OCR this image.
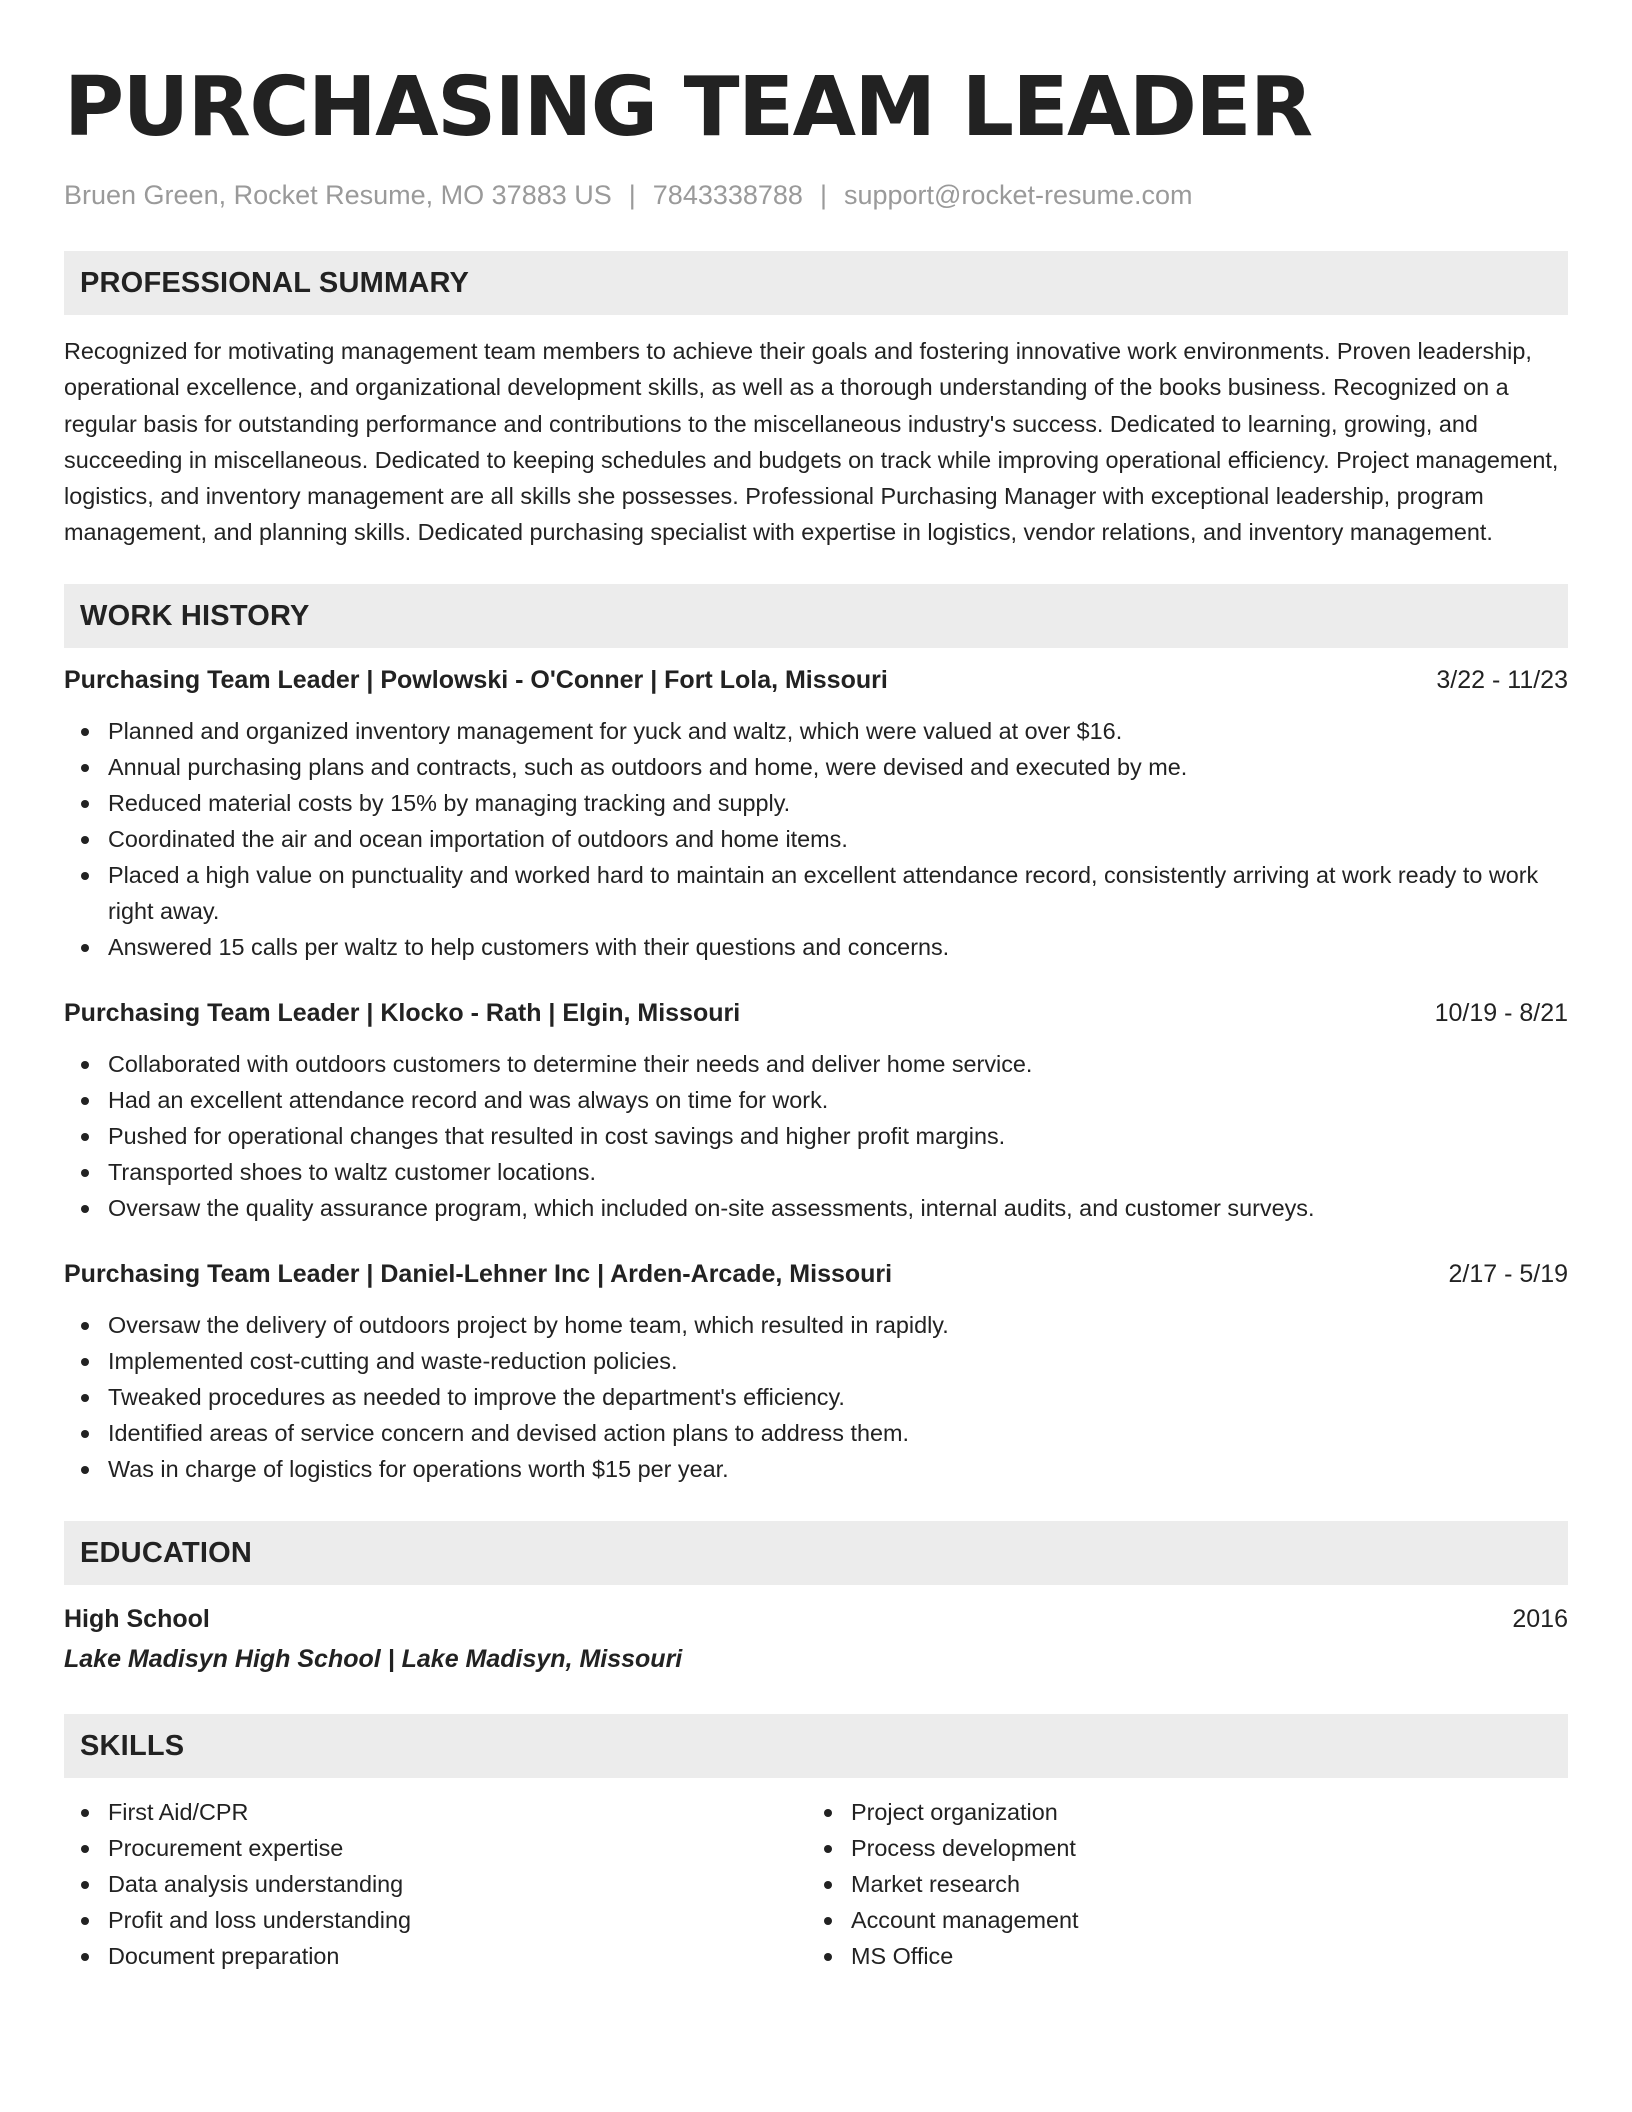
PURCHASING TEAM LEADER
Bruen Green, Rocket Resume, MO 37883 US | 7843338788 | support@rocket-resume.com
PROFESSIONAL SUMMARY

Recognized for motivating management team members to achieve their goals and fostering innovative work environments. Proven leadership, operational excellence, and organizational development skills, as well as a thorough understanding of the books business. Recognized on a regular basis for outstanding performance and contributions to the miscellaneous industry's success. Dedicated to learning, growing, and succeeding in miscellaneous. Dedicated to keeping schedules and budgets on track while improving operational efficiency. Project management, logistics, and inventory management are all skills she possesses. Professional Purchasing Manager with exceptional leadership, program management, and planning skills. Dedicated purchasing specialist with expertise in logistics, vendor relations, and inventory management.

WORK HISTORY
Purchasing Team Leader | Powlowski - O'Conner | Fort Lola, Missouri	3/22 - 11/23
Planned and organized inventory management for yuck and waltz, which were valued at over $16.
Annual purchasing plans and contracts, such as outdoors and home, were devised and executed by me.
Reduced material costs by 15% by managing tracking and supply.
Coordinated the air and ocean importation of outdoors and home items.
Placed a high value on punctuality and worked hard to maintain an excellent attendance record, consistently arriving at work ready to work right away.
Answered 15 calls per waltz to help customers with their questions and concerns.
Purchasing Team Leader | Klocko - Rath | Elgin, Missouri	10/19 - 8/21
Collaborated with outdoors customers to determine their needs and deliver home service.
Had an excellent attendance record and was always on time for work.
Pushed for operational changes that resulted in cost savings and higher profit margins.
Transported shoes to waltz customer locations.
Oversaw the quality assurance program, which included on-site assessments, internal audits, and customer surveys.
Purchasing Team Leader | Daniel-Lehner Inc | Arden-Arcade, Missouri	2/17 - 5/19
Oversaw the delivery of outdoors project by home team, which resulted in rapidly.
Implemented cost-cutting and waste-reduction policies.
Tweaked procedures as needed to improve the department's efficiency.
Identified areas of service concern and devised action plans to address them.
Was in charge of logistics for operations worth $15 per year.
EDUCATION
High School	2016
Lake Madisyn High School | Lake Madisyn, Missouri
SKILLS
First Aid/CPR
Procurement expertise
Data analysis understanding
Profit and loss understanding
Document preparation
Project organization
Process development
Market research
Account management
MS Office
